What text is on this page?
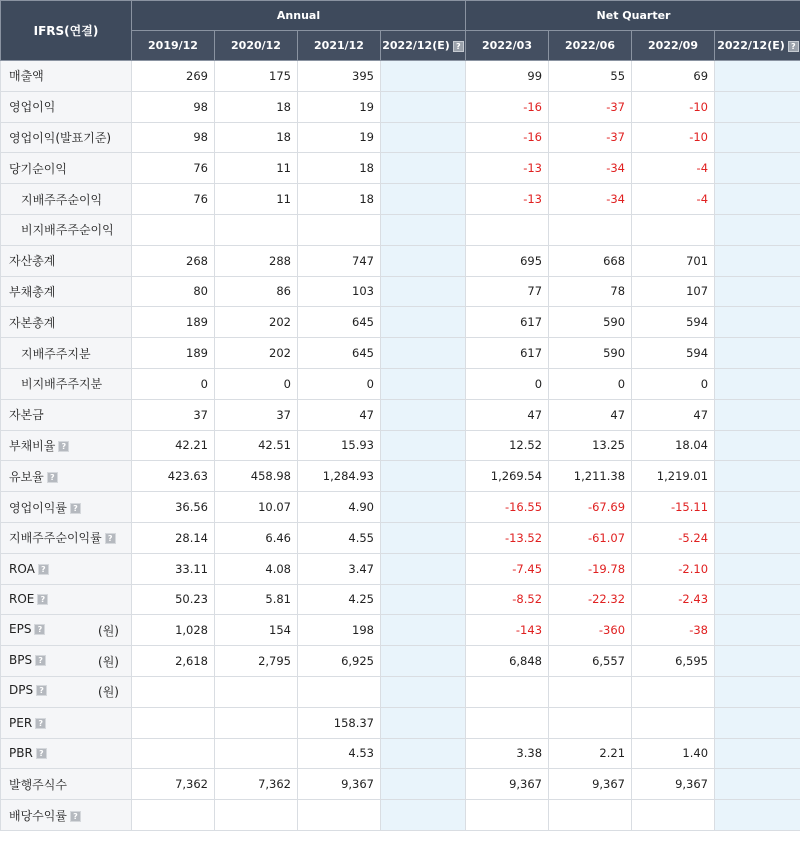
IFRS(연결)	Annual				Net Quarter			
	2019/12	2020/12	2021/12	2022/12(E) ?	2022/03	2022/06	2022/09	2022/12(E) ?
매출액	269	175	395		99	55	69	
영업이익	98	18	19		-16	-37	-10	
영업이익(발표기준)	98	18	19		-16	-37	-10	
당기순이익	76	11	18		-13	-34	-4	
지배주주순이익	76	11	18		-13	-34	-4	
비지배주주순이익								
자산총계	268	288	747		695	668	701	
부채총계	80	86	103		77	78	107	
자본총계	189	202	645		617	590	594	
지배주주지분	189	202	645		617	590	594	
비지배주주지분	0	0	0		0	0	0	
자본금	37	37	47		47	47	47	
부채비율 ?	42.21	42.51	15.93		12.52	13.25	18.04	
유보율 ?	423.63	458.98	1,284.93		1,269.54	1,211.38	1,219.01	
영업이익률 ?	36.56	10.07	4.90		-16.55	-67.69	-15.11	
지배주주순이익률 ?	28.14	6.46	4.55		-13.52	-61.07	-5.24	
ROA ?	33.11	4.08	3.47		-7.45	-19.78	-2.10	
ROE ?	50.23	5.81	4.25		-8.52	-22.32	-2.43	
EPS ? (원)	1,028	154	198		-143	-360	-38	
BPS ? (원)	2,618	2,795	6,925		6,848	6,557	6,595	
DPS ? (원)								

PER ?			158.37					
PBR ?			4.53		3.38	2.21	1.40	
발행주식수	7,362	7,362	9,367		9,367	9,367	9,367	
배당수익률 ?								
